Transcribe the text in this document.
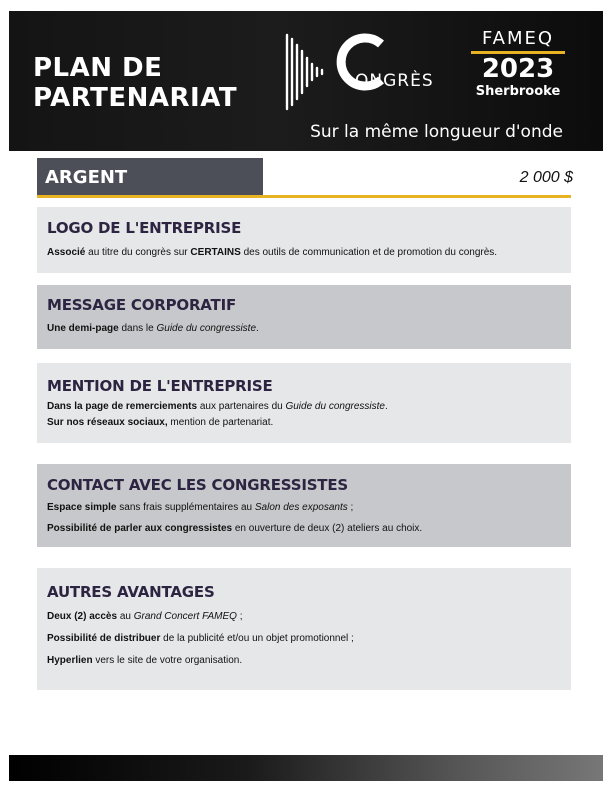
PLAN DE
PARTENARIAT
ONGRÈS
FAMEQ
2023
Sherbrooke
Sur la même longueur d'onde
ARGENT	2 000 $
LOGO DE L'ENTREPRISE
Associé au titre du congrès sur CERTAINS des outils de communication et de promotion du congrès.
MESSAGE CORPORATIF
Une demi-page dans le Guide du congressiste.
MENTION DE L'ENTREPRISE
Dans la page de remerciements aux partenaires du Guide du congressiste.
Sur nos réseaux sociaux, mention de partenariat.
CONTACT AVEC LES CONGRESSISTES
Espace simple sans frais supplémentaires au Salon des exposants ;
Possibilité de parler aux congressistes en ouverture de deux (2) ateliers au choix.
AUTRES AVANTAGES
Deux (2) accès au Grand Concert FAMEQ ;
Possibilité de distribuer de la publicité et/ou un objet promotionnel ;
Hyperlien vers le site de votre organisation.
